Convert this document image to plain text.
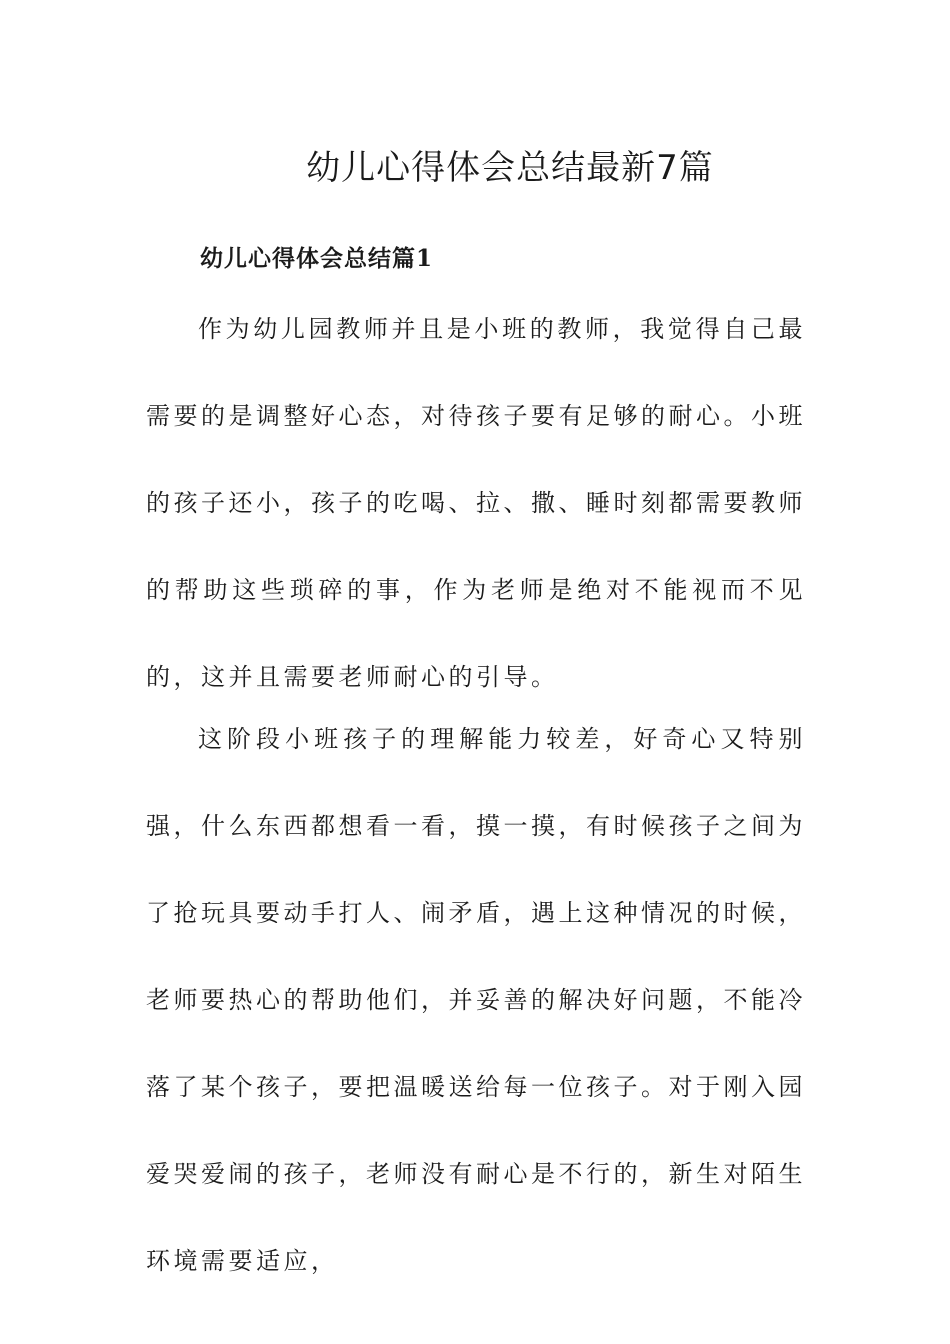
幼儿心得体会总结最新7篇
幼儿心得体会总结篇1

作为幼儿园教师并且是小班的教师，我觉得自己最需要的是调整好心态，对待孩子要有足够的耐心。小班的孩子还小，孩子的吃喝、拉、撒、睡时刻都需要教师的帮助这些琐碎的事，作为老师是绝对不能视而不见的，这并且需要老师耐心的引导。

这阶段小班孩子的理解能力较差，好奇心又特别强，什么东西都想看一看，摸一摸，有时候孩子之间为了抢玩具要动手打人、闹矛盾，遇上这种情况的时候，老师要热心的帮助他们，并妥善的解决好问题，不能冷落了某个孩子，要把温暖送给每一位孩子。对于刚入园爱哭爱闹的孩子，老师没有耐心是不行的，新生对陌生环境需要适应，
